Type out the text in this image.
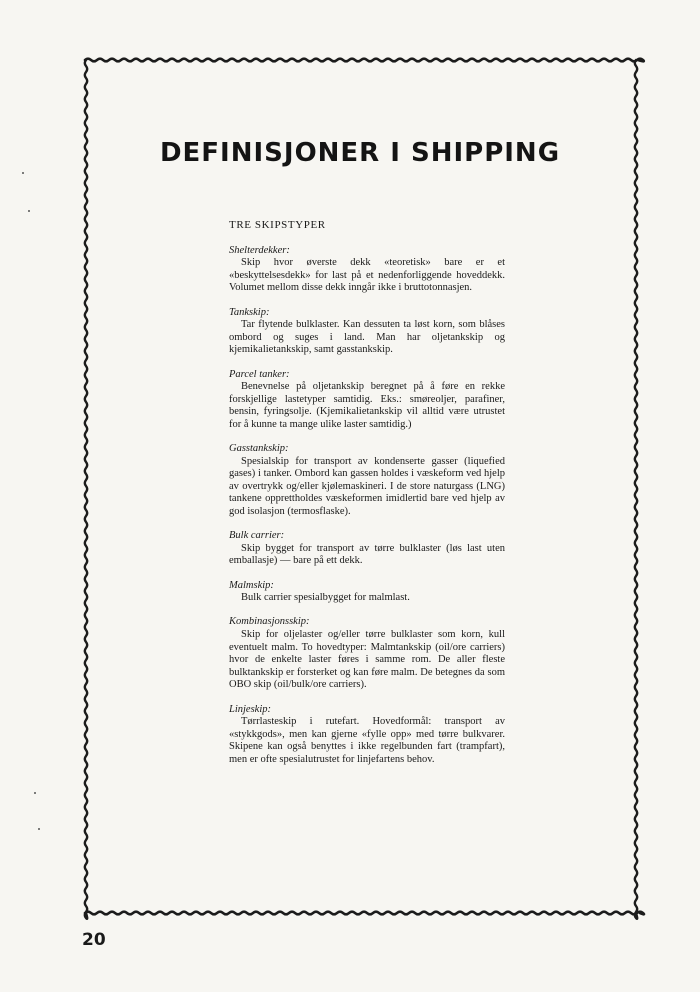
DEFINISJONER I SHIPPING
TRE SKIPSTYPER
Shelterdekker:
Skip hvor øverste dekk «teoretisk» bare er et «beskyttelsesdekk» for last på et nedenforliggende hoveddekk. Volumet mellom disse dekk inngår ikke i bruttotonnasjen.
Tankskip:
Tar flytende bulklaster. Kan dessuten ta løst korn, som blåses ombord og suges i land. Man har oljetankskip og kjemikalietankskip, samt gasstankskip.
Parcel tanker:
Benevnelse på oljetankskip beregnet på å føre en rekke forskjellige lastetyper samtidig. Eks.: smøreoljer, parafiner, bensin, fyringsolje. (Kjemikalietankskip vil alltid være utrustet for å kunne ta mange ulike laster samtidig.)
Gasstankskip:
Spesialskip for transport av kondenserte gasser (liquefied gases) i tanker. Ombord kan gassen holdes i væskeform ved hjelp av overtrykk og/eller kjølemaskineri. I de store naturgass (LNG) tankene opprettholdes væskeformen imidlertid bare ved hjelp av god isolasjon (termosflaske).
Bulk carrier:
Skip bygget for transport av tørre bulklaster (løs last uten emballasje) — bare på ett dekk.
Malmskip:
Bulk carrier spesialbygget for malmlast.
Kombinasjonsskip:
Skip for oljelaster og/eller tørre bulklaster som korn, kull eventuelt malm. To hovedtyper: Malmtankskip (oil/ore carriers) hvor de enkelte laster føres i samme rom. De aller fleste bulktankskip er forsterket og kan føre malm. De betegnes da som OBO skip (oil/bulk/ore carriers).
Linjeskip:
Tørrlasteskip i rutefart. Hovedformål: transport av «stykkgods», men kan gjerne «fylle opp» med tørre bulkvarer. Skipene kan også benyttes i ikke regelbunden fart (trampfart), men er ofte spesialutrustet for linjefartens behov.
20
